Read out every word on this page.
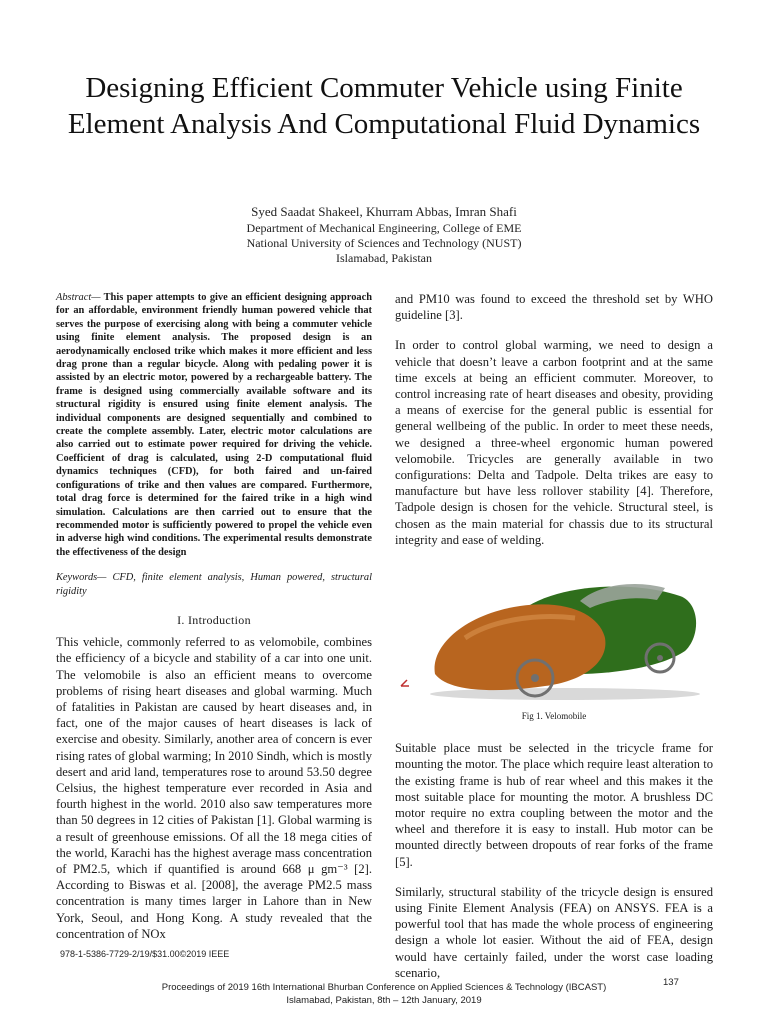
Designing Efficient Commuter Vehicle using Finite Element Analysis And Computational Fluid Dynamics
Syed Saadat Shakeel, Khurram Abbas, Imran Shafi
Department of Mechanical Engineering, College of EME
National University of Sciences and Technology (NUST)
Islamabad, Pakistan

Abstract— This paper attempts to give an efficient designing approach for an affordable, environment friendly human powered vehicle that serves the purpose of exercising along with being a commuter vehicle using finite element analysis. The proposed design is an aerodynamically enclosed trike which makes it more efficient and less drag prone than a regular bicycle. Along with pedaling power it is assisted by an electric motor, powered by a rechargeable battery. The frame is designed using commercially available software and its structural rigidity is ensured using finite element analysis. The individual components are designed sequentially and combined to create the complete assembly. Later, electric motor calculations are also carried out to estimate power required for driving the vehicle. Coefficient of drag is calculated, using 2-D computational fluid dynamics techniques (CFD), for both faired and un-faired configurations of trike and then values are compared. Furthermore, total drag force is determined for the faired trike in a high wind simulation. Calculations are then carried out to ensure that the recommended motor is sufficiently powered to propel the vehicle even in adverse high wind conditions. The experimental results demonstrate the effectiveness of the design

Keywords— CFD, finite element analysis, Human powered, structural rigidity

I. Introduction

This vehicle, commonly referred to as velomobile, combines the efficiency of a bicycle and stability of a car into one unit. The velomobile is also an efficient means to overcome problems of rising heart diseases and global warming. Much of fatalities in Pakistan are caused by heart diseases and, in fact, one of the major causes of heart diseases is lack of exercise and obesity. Similarly, another area of concern is ever rising rates of global warming; In 2010 Sindh, which is mostly desert and arid land, temperatures rose to around 53.50 degree Celsius, the highest temperature ever recorded in Asia and fourth highest in the world. 2010 also saw temperatures more than 50 degrees in 12 cities of Pakistan [1]. Global warming is a result of greenhouse emissions. Of all the 18 mega cities of the world, Karachi has the highest average mass concentration of PM2.5, which if quantified is around 668 μ gm⁻³ [2]. According to Biswas et al. [2008], the average PM2.5 mass concentration is many times larger in Lahore than in New York, Seoul, and Hong Kong. A study revealed that the concentration of NOx

and PM10 was found to exceed the threshold set by WHO guideline [3].

In order to control global warming, we need to design a vehicle that doesn’t leave a carbon footprint and at the same time excels at being an efficient commuter. Moreover, to control increasing rate of heart diseases and obesity, providing a means of exercise for the general public is essential for general wellbeing of the public. In order to meet these needs, we designed a three-wheel ergonomic human powered velomobile. Tricycles are generally available in two configurations: Delta and Tadpole. Delta trikes are easy to manufacture but have less rollover stability [4]. Therefore, Tadpole design is chosen for the vehicle. Structural steel, is chosen as the main material for chassis due to its structural integrity and ease of welding.

Fig 1. Velomobile

Suitable place must be selected in the tricycle frame for mounting the motor. The place which require least alteration to the existing frame is hub of rear wheel and this makes it the most suitable place for mounting the motor. A brushless DC motor require no extra coupling between the motor and the wheel and therefore it is easy to install. Hub motor can be mounted directly between dropouts of rear forks of the frame [5].

Similarly, structural stability of the tricycle design is ensured using Finite Element Analysis (FEA) on ANSYS. FEA is a powerful tool that has made the whole process of engineering design a whole lot easier. Without the aid of FEA, design would have certainly failed, under the worst case loading scenario,

978-1-5386-7729-2/19/$31.00©2019 IEEE
137
Proceedings of 2019 16th International Bhurban Conference on Applied Sciences & Technology (IBCAST)
Islamabad, Pakistan, 8th – 12th January, 2019
